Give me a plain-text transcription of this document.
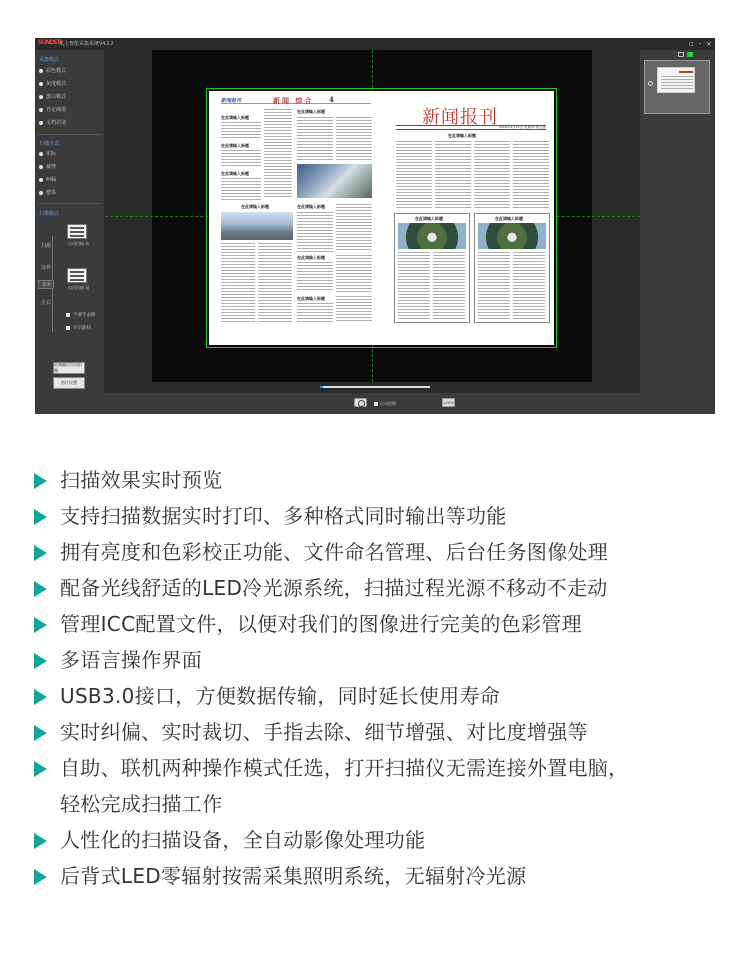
SUNDER
讯主智能采集系统V4.3.2	▫ - ×
采集模式
彩色模式
灰度模式
黑白模式
自定阈值
文档识别
扫描方式
实际
裁剪
纠偏
整体
扫描模式
扫描
证件
书本
左右
自动扫描 单
自动扫描 双
不要手去除
开启防抖
检测翻页自动拍摄
图片设置
新闻报刊	新闻 综合 4
在此请输入标题
在此请输入标题
在此请输入标题
在此请输入标题
在此请输入标题	在此请输入标题
在此请输入标题
在此请输入标题
新闻报刊 2018年4月12日 星期四 第五版
在此请输入标题
在此请输入标题	在此请输入标题
自动拍摄	100%
扫描效果实时预览
支持扫描数据实时打印、多种格式同时输出等功能
拥有亮度和色彩校正功能、文件命名管理、后台任务图像处理
配备光线舒适的LED冷光源系统，扫描过程光源不移动不走动
管理ICC配置文件，以便对我们的图像进行完美的色彩管理
多语言操作界面
USB3.0接口，方便数据传输，同时延长使用寿命
实时纠偏、实时裁切、手指去除、细节增强、对比度增强等
自助、联机两种操作模式任选，打开扫描仪无需连接外置电脑，
轻松完成扫描工作
人性化的扫描设备，全自动影像处理功能
后背式LED零辐射按需采集照明系统，无辐射冷光源
